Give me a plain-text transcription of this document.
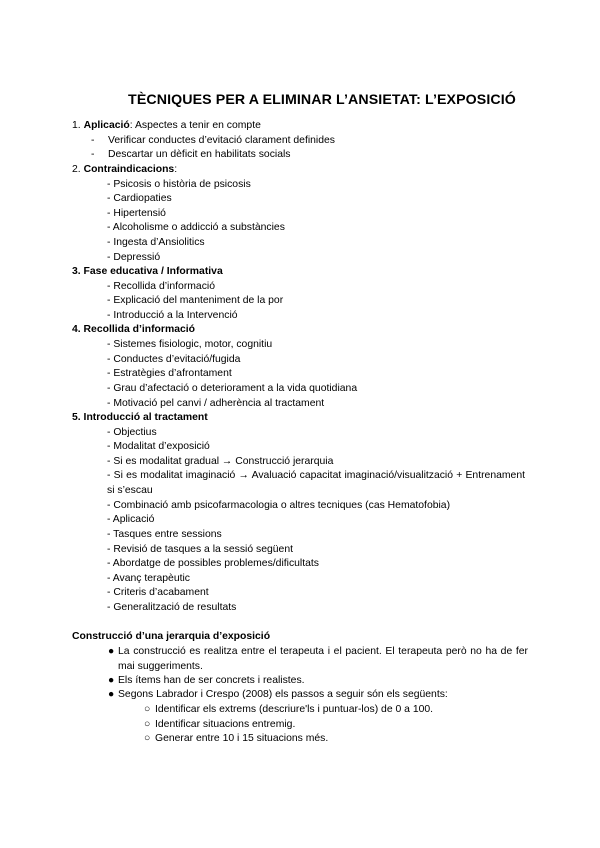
TÈCNIQUES PER A ELIMINAR L’ANSIETAT: L’EXPOSICIÓ
1. Aplicació: Aspectes a tenir en compte
- Verificar conductes d’evitació clarament definides
- Descartar un dèficit en habilitats socials
2. Contraindicacions:
- Psicosis o història de psicosis
- Cardiopaties
- Hipertensió
- Alcoholisme o addicció a substàncies
- Ingesta d’Ansiolitics
- Depressió
3. Fase educativa / Informativa
- Recollida d’informació
- Explicació del manteniment de la por
- Introducció a la Intervenció
4. Recollida d’informació
- Sistemes fisiologic, motor, cognitiu
- Conductes d’evitació/fugida
- Estratègies d’afrontament
- Grau d’afectació o deteriorament a la vida quotidiana
- Motivació pel canvi / adherència al tractament
5. Introducció al tractament
- Objectius
- Modalitat d’exposició
- Si es modalitat gradual → Construcció jerarquia
- Si es modalitat imaginació → Avaluació capacitat imaginació/visualització + Entrenament si s’escau
- Combinació amb psicofarmacologia o altres tecniques (cas Hematofobia)
- Aplicació
- Tasques entre sessions
- Revisió de tasques a la sessió següent
- Abordatge de possibles problemes/dificultats
- Avanç terapèutic
- Criteris d’acabament
- Generalització de resultats
Construcció d’una jerarquia d’exposició
● La construcció es realitza entre el terapeuta i el pacient. El terapeuta però no ha de fer mai suggeriments.
● Els ítems han de ser concrets i realistes.
● Segons Labrador i Crespo (2008) els passos a seguir són els següents:
○ Identificar els extrems (descriure'ls i puntuar-los) de 0 a 100.
○ Identificar situacions entremig.
○ Generar entre 10 i 15 situacions més.
